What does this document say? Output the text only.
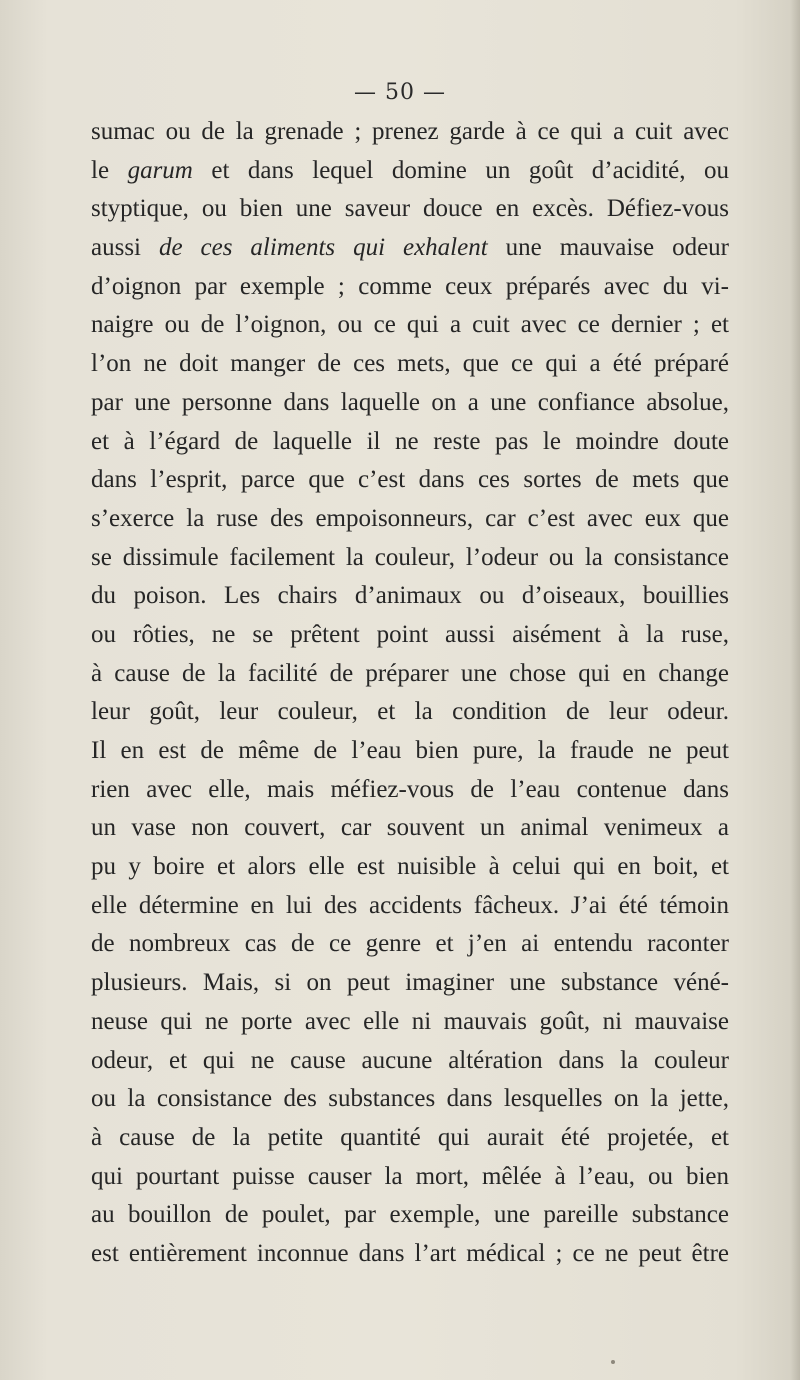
— 50 —
sumac ou de la grenade ; prenez garde à ce qui a cuit avec
le garum et dans lequel domine un goût d’acidité, ou
styptique, ou bien une saveur douce en excès. Défiez-vous
aussi de ces aliments qui exhalent une mauvaise odeur
d’oignon par exemple ; comme ceux préparés avec du vi-
naigre ou de l’oignon, ou ce qui a cuit avec ce dernier ; et
l’on ne doit manger de ces mets, que ce qui a été préparé
par une personne dans laquelle on a une confiance absolue,
et à l’égard de laquelle il ne reste pas le moindre doute
dans l’esprit, parce que c’est dans ces sortes de mets que
s’exerce la ruse des empoisonneurs, car c’est avec eux que
se dissimule facilement la couleur, l’odeur ou la consistance
du poison. Les chairs d’animaux ou d’oiseaux, bouillies
ou rôties, ne se prêtent point aussi aisément à la ruse,
à cause de la facilité de préparer une chose qui en change
leur goût, leur couleur, et la condition de leur odeur.
Il en est de même de l’eau bien pure, la fraude ne peut
rien avec elle, mais méfiez-vous de l’eau contenue dans
un vase non couvert, car souvent un animal venimeux a
pu y boire et alors elle est nuisible à celui qui en boit, et
elle détermine en lui des accidents fâcheux. J’ai été témoin
de nombreux cas de ce genre et j’en ai entendu raconter
plusieurs. Mais, si on peut imaginer une substance véné-
neuse qui ne porte avec elle ni mauvais goût, ni mauvaise
odeur, et qui ne cause aucune altération dans la couleur
ou la consistance des substances dans lesquelles on la jette,
à cause de la petite quantité qui aurait été projetée, et
qui pourtant puisse causer la mort, mêlée à l’eau, ou bien
au bouillon de poulet, par exemple, une pareille substance
est entièrement inconnue dans l’art médical ; ce ne peut être
